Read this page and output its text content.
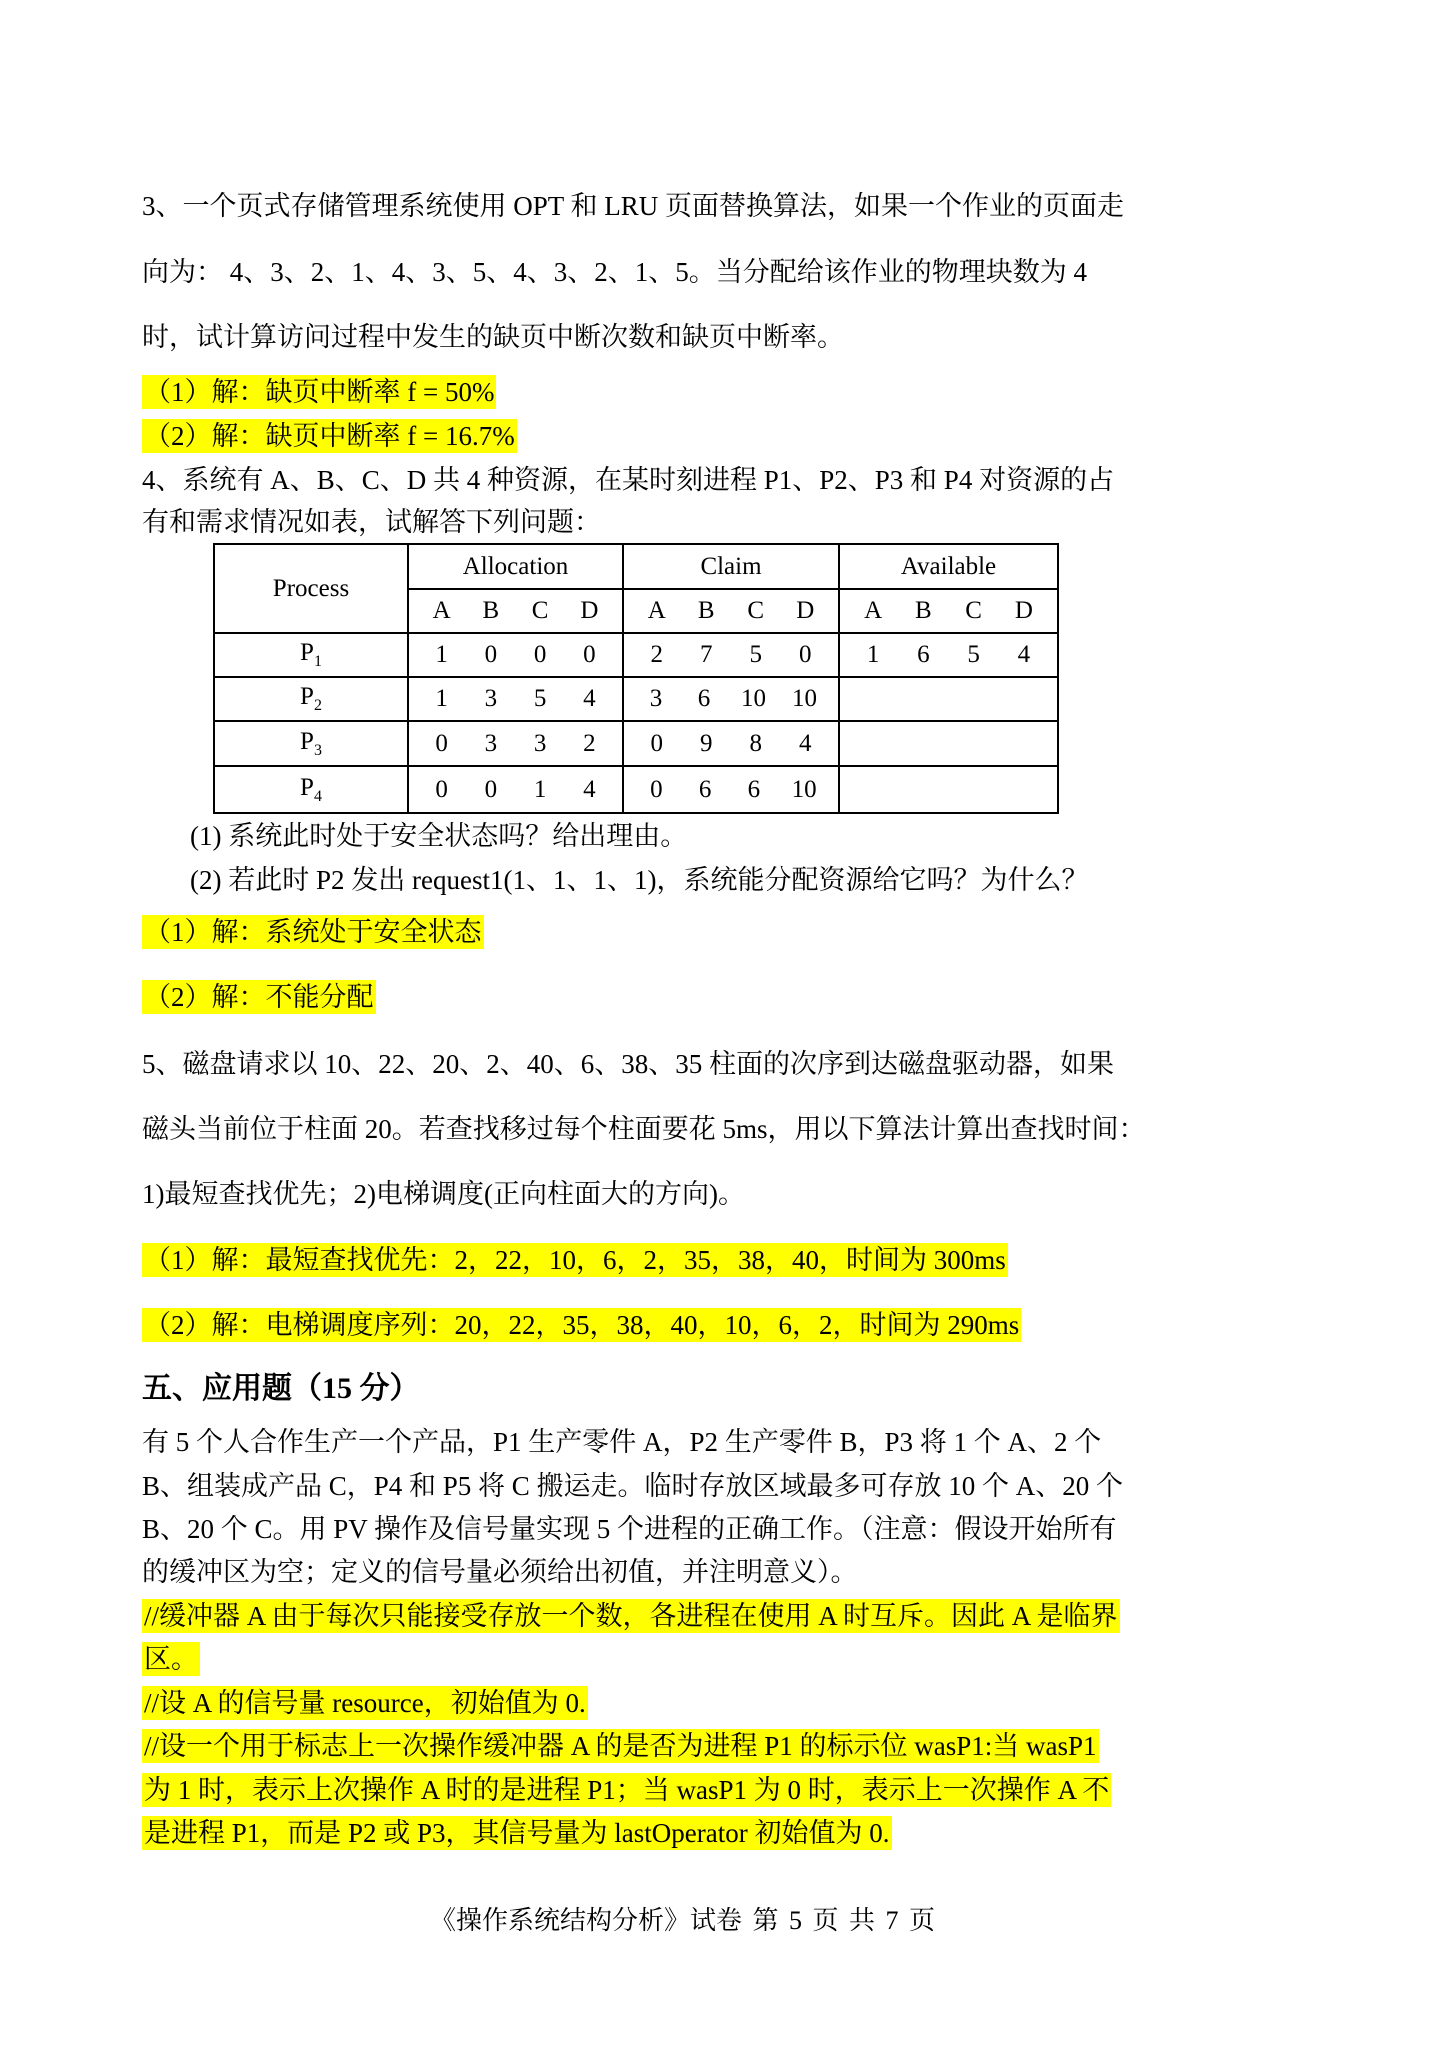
3、一个页式存储管理系统使用 OPT 和 LRU 页面替换算法，如果一个作业的页面走
向为： 4、3、2、1、4、3、5、4、3、2、1、5。当分配给该作业的物理块数为 4
时，试计算访问过程中发生的缺页中断次数和缺页中断率。
（1）解：缺页中断率 f = 50%
（2）解：缺页中断率 f = 16.7%
4、系统有 A、B、C、D 共 4 种资源，在某时刻进程 P1、P2、P3 和 P4 对资源的占
有和需求情况如表，试解答下列问题：
Process	Allocation	Claim	Available

	A B C D	A B C D	A B C D

$P_1$	1 0 0 0	2 7 5 0	1 6 5 4

$P_2$	1 3 5 4	3 6 10 10	

$P_3$	0 3 3 2	0 9 8 4	

$P_4$	0 0 1 4	0 6 6 10	

(1) 系统此时处于安全状态吗？给出理由。
(2) 若此时 P2 发出 request1(1、1、1、1)，系统能分配资源给它吗？为什么？
（1）解：系统处于安全状态
（2）解：不能分配
5、磁盘请求以 10、22、20、2、40、6、38、35 柱面的次序到达磁盘驱动器，如果
磁头当前位于柱面 20。若查找移过每个柱面要花 5ms，用以下算法计算出查找时间：
1)最短查找优先；2)电梯调度(正向柱面大的方向)。
（1）解：最短查找优先：2，22，10，6，2，35，38，40，时间为 300ms
（2）解：电梯调度序列：20，22，35，38，40，10，6，2，时间为 290ms
五、应用题（15 分）
有 5 个人合作生产一个产品，P1 生产零件 A，P2 生产零件 B，P3 将 1 个 A、2 个
B、组装成产品 C，P4 和 P5 将 C 搬运走。临时存放区域最多可存放 10 个 A、20 个
B、20 个 C。用 PV 操作及信号量实现 5 个进程的正确工作。（注意：假设开始所有
的缓冲区为空；定义的信号量必须给出初值，并注明意义）。
//缓冲器 A 由于每次只能接受存放一个数，各进程在使用 A 时互斥。因此 A 是临界
区。
//设 A 的信号量 resource，初始值为 0.
//设一个用于标志上一次操作缓冲器 A 的是否为进程 P1 的标示位 wasP1:当 wasP1
为 1 时，表示上次操作 A 时的是进程 P1；当 wasP1 为 0 时，表示上一次操作 A 不
是进程 P1，而是 P2 或 P3，其信号量为 lastOperator 初始值为 0.
《操作系统结构分析》试卷 第 5 页 共 7 页
